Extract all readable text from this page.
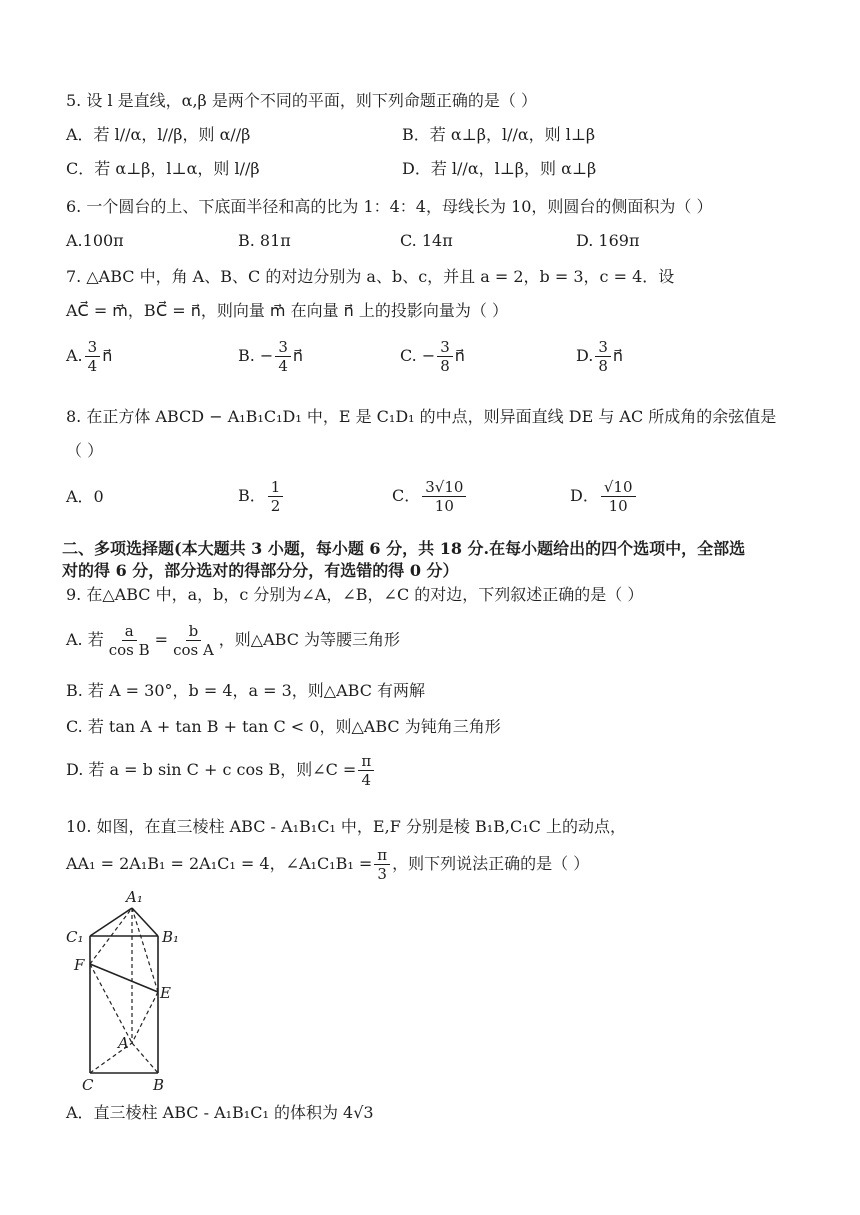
5. 设 l 是直线，α,β 是两个不同的平面，则下列命题正确的是（ ）
A．若 l//α，l//β，则 α//β	B．若 α⊥β，l//α，则 l⊥β
C．若 α⊥β，l⊥α，则 l//β	D．若 l//α，l⊥β，则 α⊥β
6. 一个圆台的上、下底面半径和高的比为 1：4：4，母线长为 10，则圆台的侧面积为（ ）
A.100π	B. 81π	C. 14π	D. 169π
7. △ABC 中，角 A、B、C 的对边分别为 a、b、c，并且 a = 2，b = 3，c = 4．设
AC⃗ = m⃗，BC⃗ = n⃗，则向量 m⃗ 在向量 n⃗ 上的投影向量为（ ）
A. $\frac{3}{4}$ n⃗	B. − $\frac{3}{4}$ n⃗	C. − $\frac{3}{8}$ n⃗	D. $\frac{3}{8}$ n⃗
8. 在正方体 ABCD − A₁B₁C₁D₁ 中，E 是 C₁D₁ 的中点，则异面直线 DE 与 AC 所成角的余弦值是
（ ）
A．0	B． $\frac{1}{2}$	C． $\frac{3√10}{10}$	D． $\frac{√10}{10}$
二、多项选择题(本大题共 3 小题，每小题 6 分，共 18 分.在每小题给出的四个选项中，全部选
对的得 6 分，部分选对的得部分分，有选错的得 0 分）
9. 在△ABC 中，a，b，c 分别为∠A，∠B，∠C 的对边，下列叙述正确的是（ ）
A. 若 $\frac{a}{\text{cos B}} = \frac{b}{\text{cos A}}$ ，则△ABC 为等腰三角形
B. 若 A = 30°，b = 4，a = 3，则△ABC 有两解
C. 若 tan A + tan B + tan C < 0，则△ABC 为钝角三角形
D. 若 a = b sin C + c cos B，则∠C = $\frac{\pi}{4}$
10. 如图，在直三棱柱 ABC - A₁B₁C₁ 中，E,F 分别是棱 B₁B,C₁C 上的动点，
AA₁ = 2A₁B₁ = 2A₁C₁ = 4，∠A₁C₁B₁ = $\frac{\pi}{3}$ ，则下列说法正确的是（ ）
A₁
B₁
C₁
F
E
A
B
C
A．直三棱柱 ABC - A₁B₁C₁ 的体积为 4√3
